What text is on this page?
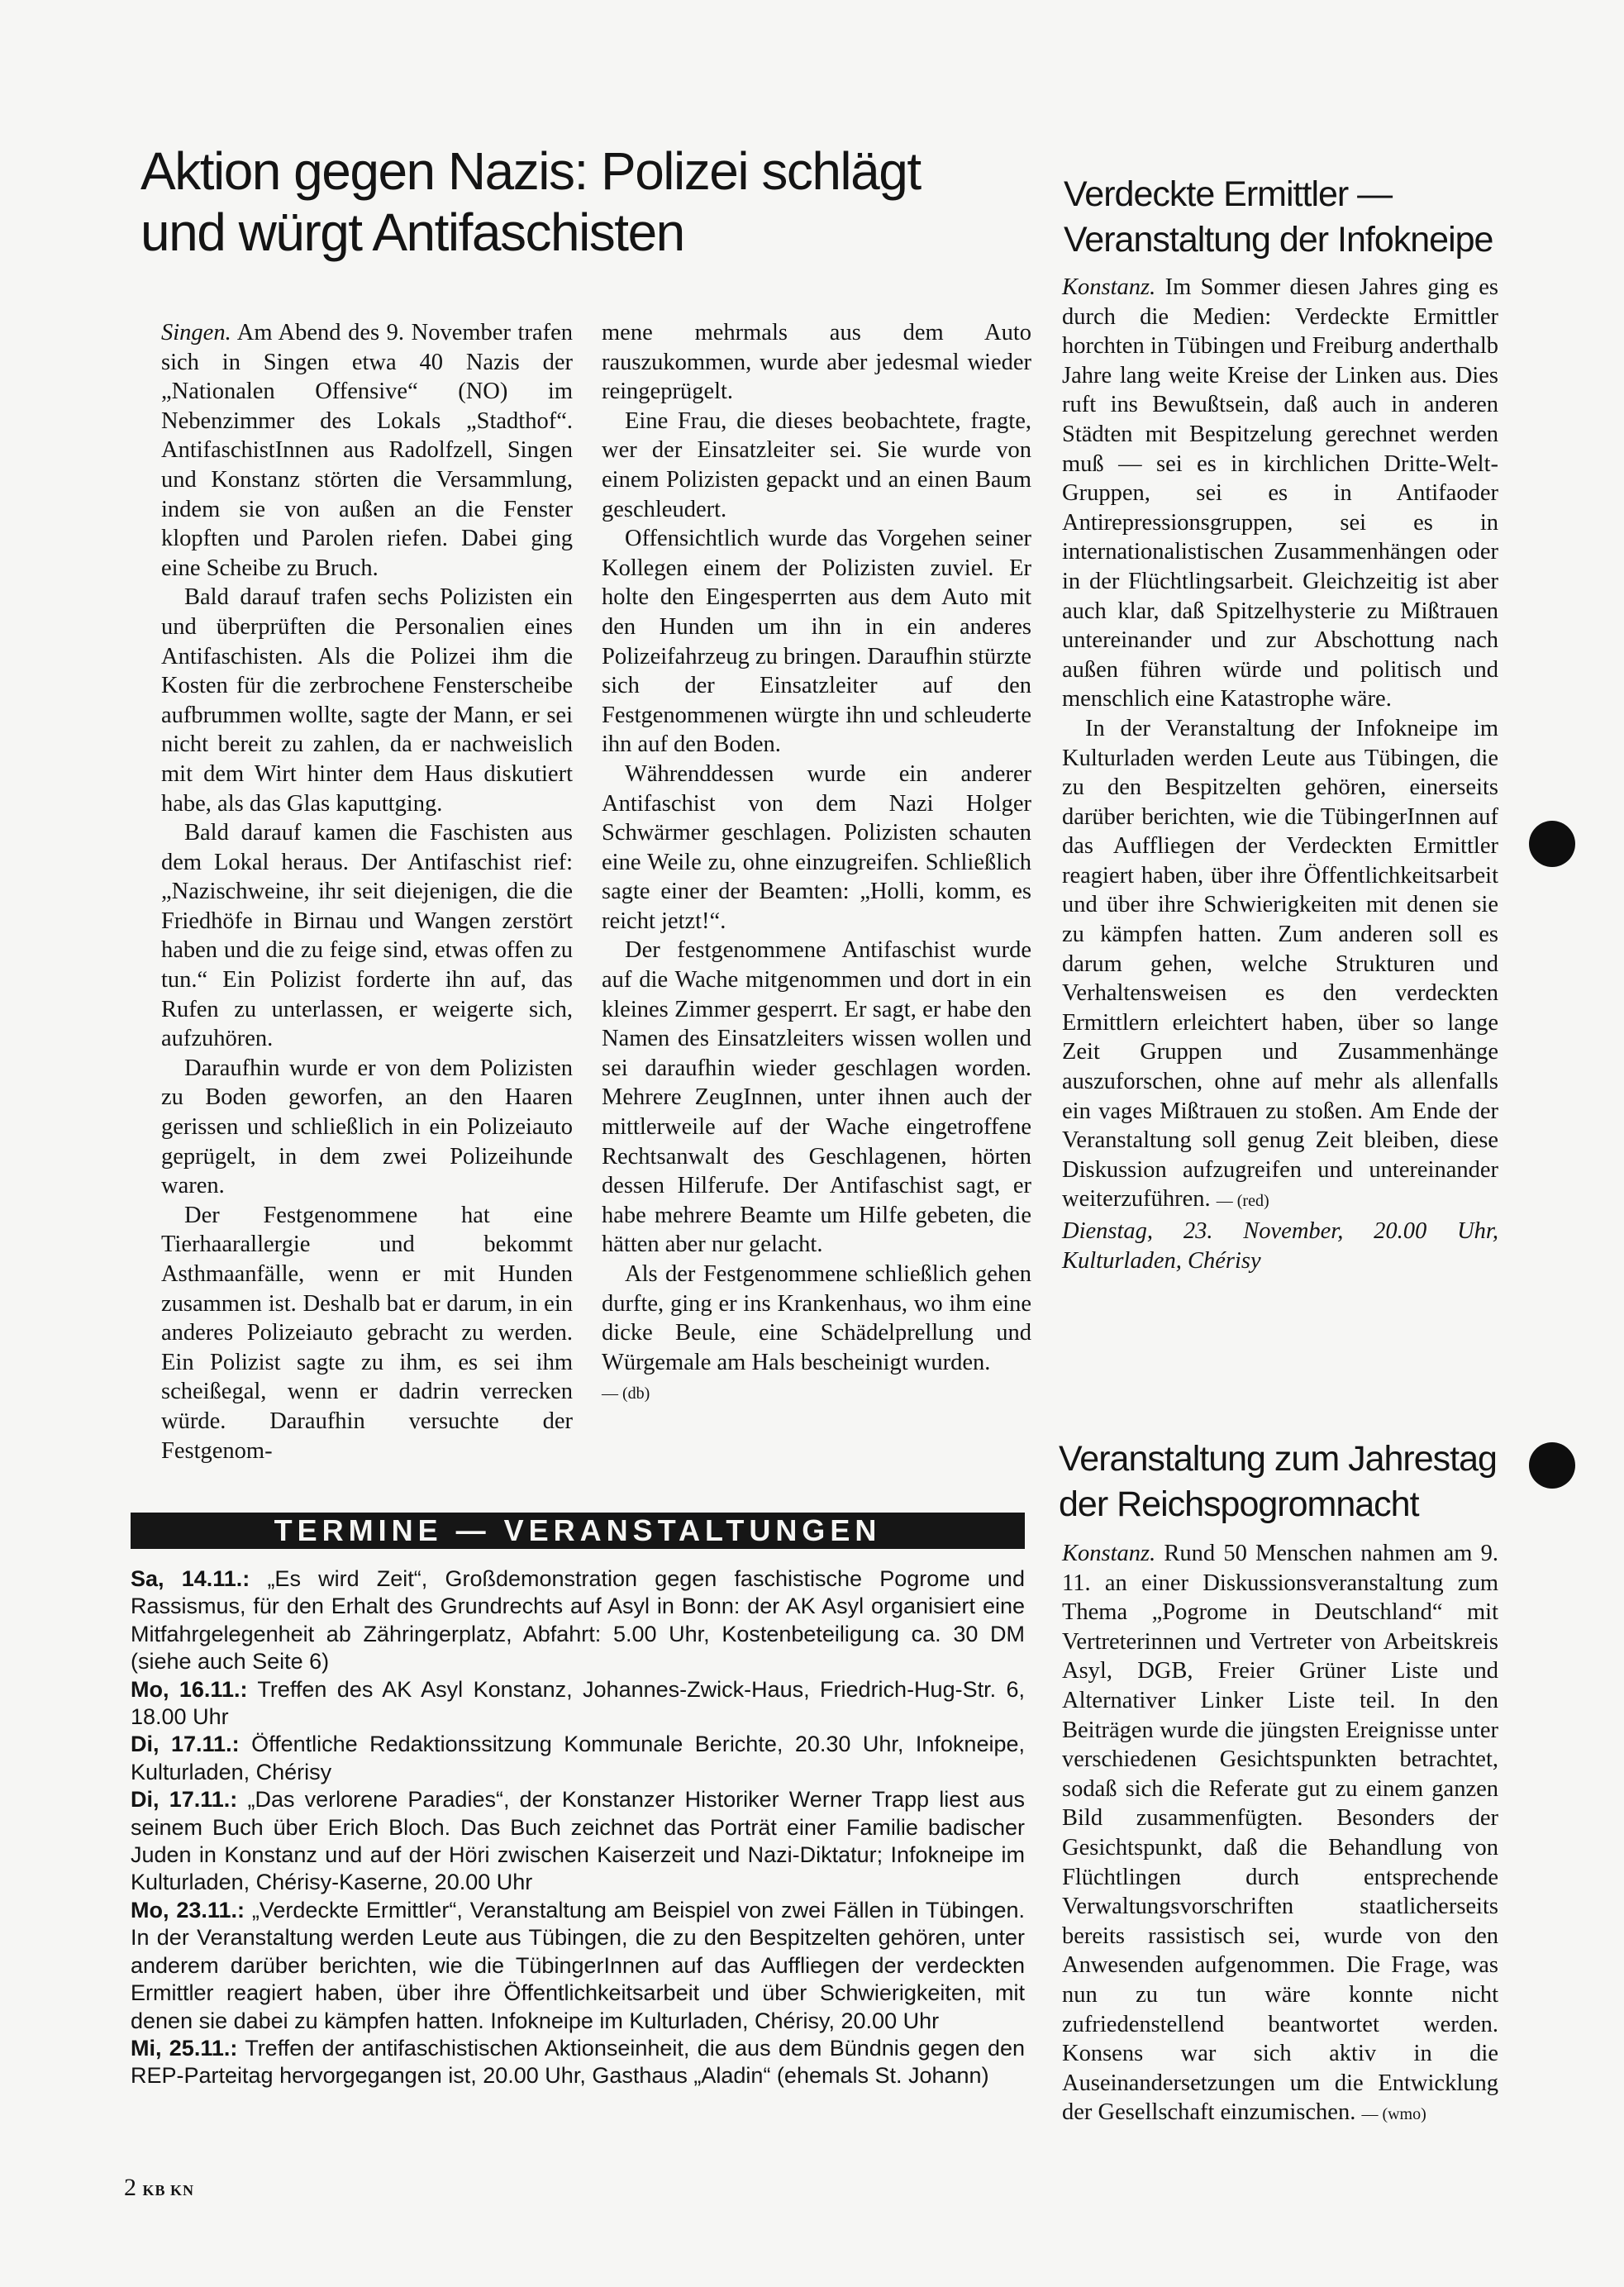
Aktion gegen Nazis: Polizei schlägt und würgt Antifaschisten

Singen. Am Abend des 9. November trafen sich in Singen etwa 40 Nazis der „Nationalen Offensive“ (NO) im Nebenzimmer des Lokals „Stadthof“. AntifaschistInnen aus Radolfzell, Singen und Konstanz störten die Versammlung, indem sie von außen an die Fenster klopften und Parolen riefen. Dabei ging eine Scheibe zu Bruch.

Bald darauf trafen sechs Polizisten ein und überprüften die Personalien eines Antifaschisten. Als die Polizei ihm die Kosten für die zerbrochene Fensterscheibe aufbrummen wollte, sagte der Mann, er sei nicht bereit zu zahlen, da er nachweislich mit dem Wirt hinter dem Haus diskutiert habe, als das Glas kaputtging.

Bald darauf kamen die Faschisten aus dem Lokal heraus. Der Antifaschist rief: „Nazischweine, ihr seit diejenigen, die die Friedhöfe in Birnau und Wangen zerstört haben und die zu feige sind, etwas offen zu tun.“ Ein Polizist forderte ihn auf, das Rufen zu unterlassen, er weigerte sich, aufzuhören.

Daraufhin wurde er von dem Polizisten zu Boden geworfen, an den Haaren gerissen und schließlich in ein Polizeiauto geprügelt, in dem zwei Polizeihunde waren.

Der Festgenommene hat eine Tierhaarallergie und bekommt Asthmaanfälle, wenn er mit Hunden zusammen ist. Deshalb bat er darum, in ein anderes Polizeiauto gebracht zu werden. Ein Polizist sagte zu ihm, es sei ihm scheißegal, wenn er dadrin verrecken würde. Daraufhin versuchte der Festgenom-

mene mehrmals aus dem Auto rauszukommen, wurde aber jedesmal wieder reingeprügelt.

Eine Frau, die dieses beobachtete, fragte, wer der Einsatzleiter sei. Sie wurde von einem Polizisten gepackt und an einen Baum geschleudert.

Offensichtlich wurde das Vorgehen seiner Kollegen einem der Polizisten zuviel. Er holte den Eingesperrten aus dem Auto mit den Hunden um ihn in ein anderes Polizeifahrzeug zu bringen. Daraufhin stürzte sich der Einsatzleiter auf den Festgenommenen würgte ihn und schleuderte ihn auf den Boden.

Währenddessen wurde ein anderer Antifaschist von dem Nazi Holger Schwärmer geschlagen. Polizisten schauten eine Weile zu, ohne einzugreifen. Schließlich sagte einer der Beamten: „Holli, komm, es reicht jetzt!“.

Der festgenommene Antifaschist wurde auf die Wache mitgenommen und dort in ein kleines Zimmer gesperrt. Er sagt, er habe den Namen des Einsatzleiters wissen wollen und sei daraufhin wieder geschlagen worden. Mehrere ZeugInnen, unter ihnen auch der mittlerweile auf der Wache eingetroffene Rechtsanwalt des Geschlagenen, hörten dessen Hilferufe. Der Antifaschist sagt, er habe mehrere Beamte um Hilfe gebeten, die hätten aber nur gelacht.

Als der Festgenommene schließlich gehen durfte, ging er ins Krankenhaus, wo ihm eine dicke Beule, eine Schädelprellung und Würgemale am Hals bescheinigt wurden.
— (db)

Verdeckte Ermittler — Veranstaltung der Infokneipe

Konstanz. Im Sommer diesen Jahres ging es durch die Medien: Verdeckte Ermittler horchten in Tübingen und Freiburg anderthalb Jahre lang weite Kreise der Linken aus. Dies ruft ins Bewußtsein, daß auch in anderen Städten mit Bespitzelung gerechnet werden muß — sei es in kirchlichen Dritte-Welt-Gruppen, sei es in Antifaoder Antirepressionsgruppen, sei es in internationalistischen Zusammenhängen oder in der Flüchtlingsarbeit. Gleichzeitig ist aber auch klar, daß Spitzelhysterie zu Mißtrauen untereinander und zur Abschottung nach außen führen würde und politisch und menschlich eine Katastrophe wäre.

In der Veranstaltung der Infokneipe im Kulturladen werden Leute aus Tübingen, die zu den Bespitzelten gehören, einerseits darüber berichten, wie die TübingerInnen auf das Auffliegen der Verdeckten Ermittler reagiert haben, über ihre Öffentlichkeitsarbeit und über ihre Schwierigkeiten mit denen sie zu kämpfen hatten. Zum anderen soll es darum gehen, welche Strukturen und Verhaltensweisen es den verdeckten Ermittlern erleichtert haben, über so lange Zeit Gruppen und Zusammenhänge auszuforschen, ohne auf mehr als allenfalls ein vages Mißtrauen zu stoßen. Am Ende der Veranstaltung soll genug Zeit bleiben, diese Diskussion aufzugreifen und untereinander weiterzuführen. — (red)

Dienstag, 23. November, 20.00 Uhr, Kulturladen, Chérisy

Veranstaltung zum Jahrestag der Reichspogromnacht

Konstanz. Rund 50 Menschen nahmen am 9. 11. an einer Diskussionsveranstaltung zum Thema „Pogrome in Deutschland“ mit Vertreterinnen und Vertreter von Arbeitskreis Asyl, DGB, Freier Grüner Liste und Alternativer Linker Liste teil. In den Beiträgen wurde die jüngsten Ereignisse unter verschiedenen Gesichtspunkten betrachtet, sodaß sich die Referate gut zu einem ganzen Bild zusammenfügten. Besonders der Gesichtspunkt, daß die Behandlung von Flüchtlingen durch entsprechende Verwaltungsvorschriften staatlicherseits bereits rassistisch sei, wurde von den Anwesenden aufgenommen. Die Frage, was nun zu tun wäre konnte nicht zufriedenstellend beantwortet werden. Konsens war sich aktiv in die Auseinandersetzungen um die Entwicklung der Gesellschaft einzumischen. — (wmo)

TERMINE — VERANSTALTUNGEN

Sa, 14.11.: „Es wird Zeit“, Großdemonstration gegen faschistische Pogrome und Rassismus, für den Erhalt des Grundrechts auf Asyl in Bonn: der AK Asyl organisiert eine Mitfahrgelegenheit ab Zähringerplatz, Abfahrt: 5.00 Uhr, Kostenbeteiligung ca. 30 DM (siehe auch Seite 6)

Mo, 16.11.: Treffen des AK Asyl Konstanz, Johannes-Zwick-Haus, Friedrich-Hug-Str. 6, 18.00 Uhr

Di, 17.11.: Öffentliche Redaktionssitzung Kommunale Berichte, 20.30 Uhr, Infokneipe, Kulturladen, Chérisy

Di, 17.11.: „Das verlorene Paradies“, der Konstanzer Historiker Werner Trapp liest aus seinem Buch über Erich Bloch. Das Buch zeichnet das Porträt einer Familie badischer Juden in Konstanz und auf der Höri zwischen Kaiserzeit und Nazi-Diktatur; Infokneipe im Kulturladen, Chérisy-Kaserne, 20.00 Uhr

Mo, 23.11.: „Verdeckte Ermittler“, Veranstaltung am Beispiel von zwei Fällen in Tübingen. In der Veranstaltung werden Leute aus Tübingen, die zu den Bespitzelten gehören, unter anderem darüber berichten, wie die TübingerInnen auf das Auffliegen der verdeckten Ermittler reagiert haben, über ihre Öffentlichkeitsarbeit und über Schwierigkeiten, mit denen sie dabei zu kämpfen hatten. Infokneipe im Kulturladen, Chérisy, 20.00 Uhr

Mi, 25.11.: Treffen der antifaschistischen Aktionseinheit, die aus dem Bündnis gegen den REP-Parteitag hervorgegangen ist, 20.00 Uhr, Gasthaus „Aladin“ (ehemals St. Johann)

2 KB KN
